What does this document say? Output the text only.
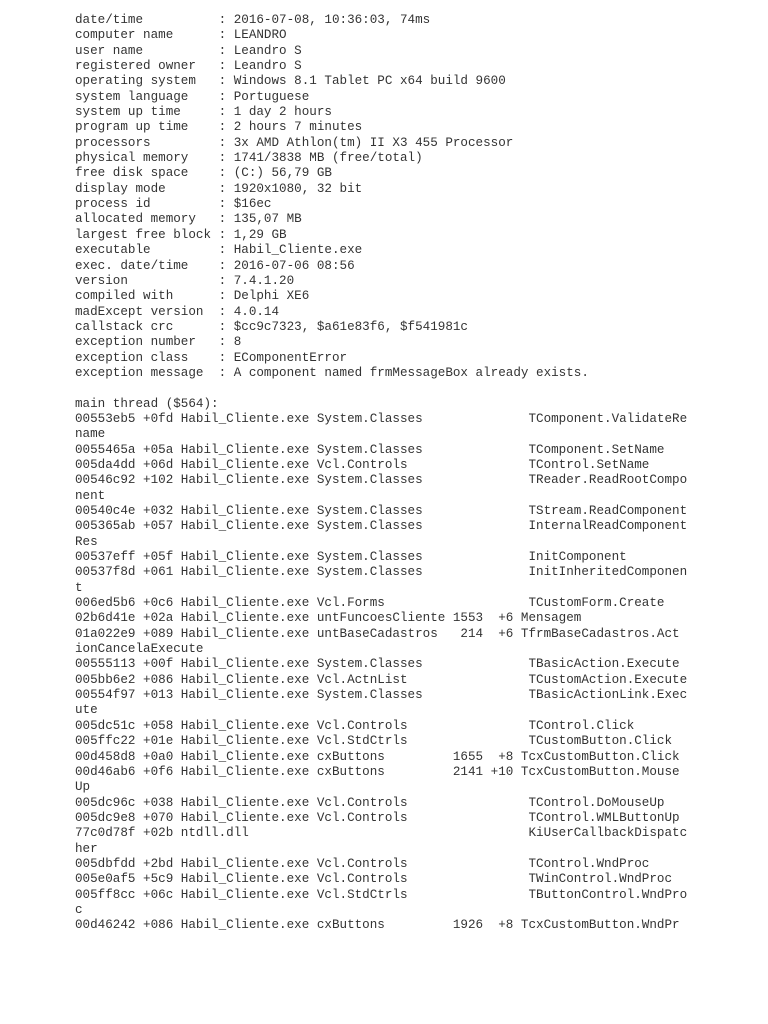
date/time          : 2016-07-08, 10:36:03, 74ms
computer name      : LEANDRO
user name          : Leandro S
registered owner   : Leandro S
operating system   : Windows 8.1 Tablet PC x64 build 9600
system language    : Portuguese
system up time     : 1 day 2 hours
program up time    : 2 hours 7 minutes
processors         : 3x AMD Athlon(tm) II X3 455 Processor
physical memory    : 1741/3838 MB (free/total)
free disk space    : (C:) 56,79 GB
display mode       : 1920x1080, 32 bit
process id         : $16ec
allocated memory   : 135,07 MB
largest free block : 1,29 GB
executable         : Habil_Cliente.exe
exec. date/time    : 2016-07-06 08:56
version            : 7.4.1.20
compiled with      : Delphi XE6
madExcept version  : 4.0.14
callstack crc      : $cc9c7323, $a61e83f6, $f541981c
exception number   : 8
exception class    : EComponentError
exception message  : A component named frmMessageBox already exists.
main thread ($564):
00553eb5 +0fd Habil_Cliente.exe System.Classes              TComponent.ValidateRe
name
0055465a +05a Habil_Cliente.exe System.Classes              TComponent.SetName
005da4dd +06d Habil_Cliente.exe Vcl.Controls                TControl.SetName
00546c92 +102 Habil_Cliente.exe System.Classes              TReader.ReadRootCompo
nent
00540c4e +032 Habil_Cliente.exe System.Classes              TStream.ReadComponent
005365ab +057 Habil_Cliente.exe System.Classes              InternalReadComponent
Res
00537eff +05f Habil_Cliente.exe System.Classes              InitComponent
00537f8d +061 Habil_Cliente.exe System.Classes              InitInheritedComponen
t
006ed5b6 +0c6 Habil_Cliente.exe Vcl.Forms                   TCustomForm.Create
02b6d41e +02a Habil_Cliente.exe untFuncoesCliente 1553  +6 Mensagem
01a022e9 +089 Habil_Cliente.exe untBaseCadastros   214  +6 TfrmBaseCadastros.Act
ionCancelaExecute
00555113 +00f Habil_Cliente.exe System.Classes              TBasicAction.Execute
005bb6e2 +086 Habil_Cliente.exe Vcl.ActnList                TCustomAction.Execute
00554f97 +013 Habil_Cliente.exe System.Classes              TBasicActionLink.Exec
ute
005dc51c +058 Habil_Cliente.exe Vcl.Controls                TControl.Click
005ffc22 +01e Habil_Cliente.exe Vcl.StdCtrls                TCustomButton.Click
00d458d8 +0a0 Habil_Cliente.exe cxButtons         1655  +8 TcxCustomButton.Click
00d46ab6 +0f6 Habil_Cliente.exe cxButtons         2141 +10 TcxCustomButton.Mouse
Up
005dc96c +038 Habil_Cliente.exe Vcl.Controls                TControl.DoMouseUp
005dc9e8 +070 Habil_Cliente.exe Vcl.Controls                TControl.WMLButtonUp
77c0d78f +02b ntdll.dll                                     KiUserCallbackDispatc
her
005dbfdd +2bd Habil_Cliente.exe Vcl.Controls                TControl.WndProc
005e0af5 +5c9 Habil_Cliente.exe Vcl.Controls                TWinControl.WndProc
005ff8cc +06c Habil_Cliente.exe Vcl.StdCtrls                TButtonControl.WndPro
c
00d46242 +086 Habil_Cliente.exe cxButtons         1926  +8 TcxCustomButton.WndPr
